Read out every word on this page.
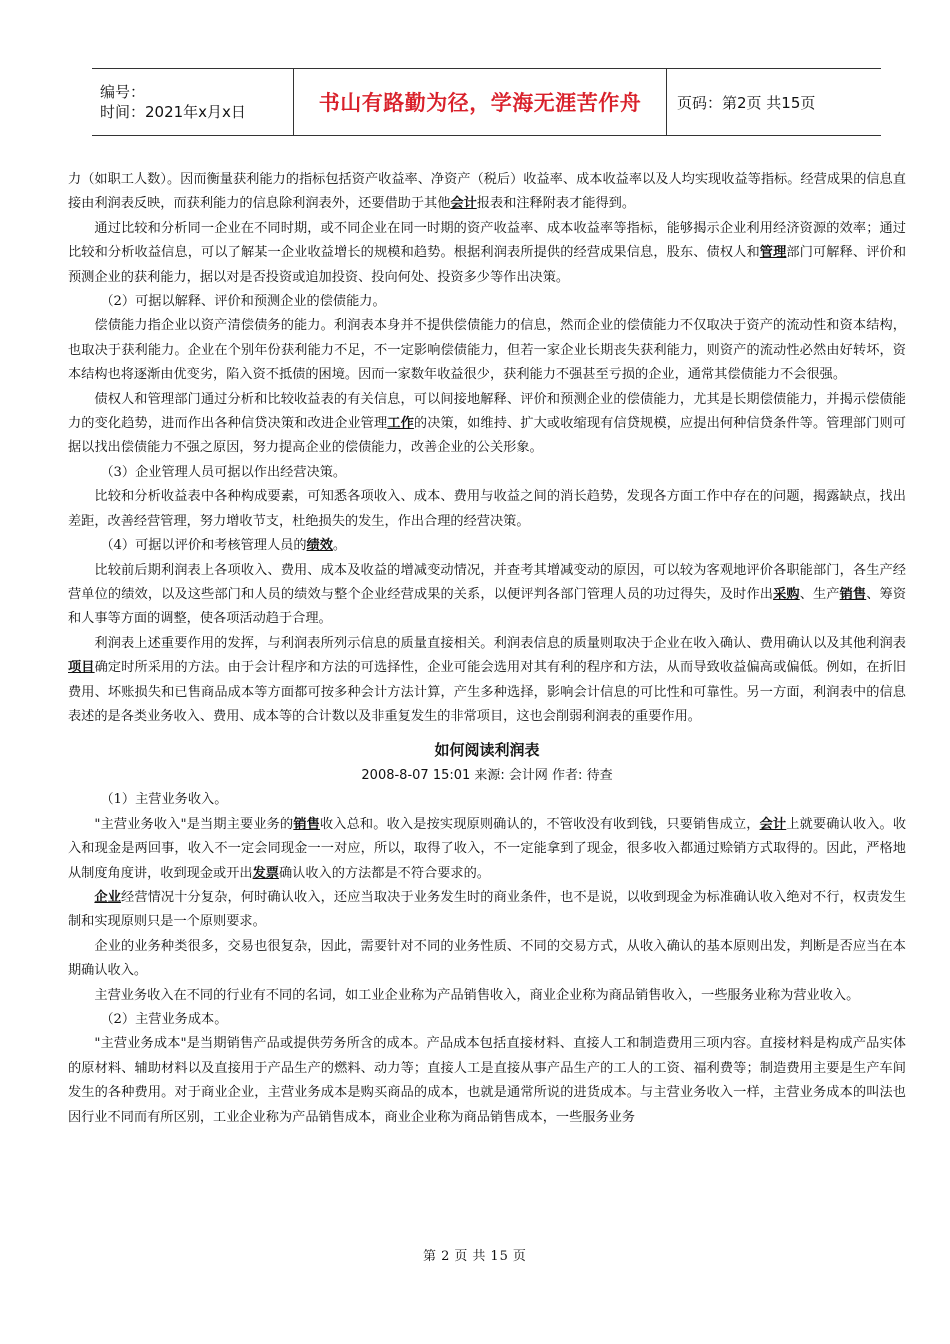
编号：
时间：2021年x月x日	书山有路勤为径，学海无涯苦作舟 页码：第2页 共15页

力（如职工人数）。因而衡量获利能力的指标包括资产收益率、净资产（税后）收益率、成本收益率以及人均实现收益等指标。经营成果的信息直接由利润表反映，而获利能力的信息除利润表外，还要借助于其他会计报表和注释附表才能得到。

通过比较和分析同一企业在不同时期，或不同企业在同一时期的资产收益率、成本收益率等指标，能够揭示企业利用经济资源的效率；通过比较和分析收益信息，可以了解某一企业收益增长的规模和趋势。根据利润表所提供的经营成果信息，股东、债权人和管理部门可解释、评价和预测企业的获利能力，据以对是否投资或追加投资、投向何处、投资多少等作出决策。

（2）可据以解释、评价和预测企业的偿债能力。

偿债能力指企业以资产清偿债务的能力。利润表本身并不提供偿债能力的信息，然而企业的偿债能力不仅取决于资产的流动性和资本结构，也取决于获利能力。企业在个别年份获利能力不足，不一定影响偿债能力，但若一家企业长期丧失获利能力，则资产的流动性必然由好转坏，资本结构也将逐渐由优变劣，陷入资不抵债的困境。因而一家数年收益很少，获利能力不强甚至亏损的企业，通常其偿债能力不会很强。

债权人和管理部门通过分析和比较收益表的有关信息，可以间接地解释、评价和预测企业的偿债能力，尤其是长期偿债能力，并揭示偿债能力的变化趋势，进而作出各种信贷决策和改进企业管理工作的决策，如维持、扩大或收缩现有信贷规模，应提出何种信贷条件等。管理部门则可据以找出偿债能力不强之原因，努力提高企业的偿债能力，改善企业的公关形象。

（3）企业管理人员可据以作出经营决策。

比较和分析收益表中各种构成要素，可知悉各项收入、成本、费用与收益之间的消长趋势，发现各方面工作中存在的问题，揭露缺点，找出差距，改善经营管理，努力增收节支，杜绝损失的发生，作出合理的经营决策。

（4）可据以评价和考核管理人员的绩效。

比较前后期利润表上各项收入、费用、成本及收益的增减变动情况，并查考其增减变动的原因，可以较为客观地评价各职能部门，各生产经营单位的绩效，以及这些部门和人员的绩效与整个企业经营成果的关系，以便评判各部门管理人员的功过得失，及时作出采购、生产销售、筹资和人事等方面的调整，使各项活动趋于合理。

利润表上述重要作用的发挥，与利润表所列示信息的质量直接相关。利润表信息的质量则取决于企业在收入确认、费用确认以及其他利润表项目确定时所采用的方法。由于会计程序和方法的可选择性，企业可能会选用对其有利的程序和方法，从而导致收益偏高或偏低。例如，在折旧费用、坏账损失和已售商品成本等方面都可按多种会计方法计算，产生多种选择，影响会计信息的可比性和可靠性。另一方面，利润表中的信息表述的是各类业务收入、费用、成本等的合计数以及非重复发生的非常项目，这也会削弱利润表的重要作用。

如何阅读利润表
2008-8-07 15:01 来源: 会计网 作者: 待查

（1）主营业务收入。

"主营业务收入"是当期主要业务的销售收入总和。收入是按实现原则确认的，不管收没有收到钱，只要销售成立，会计上就要确认收入。收入和现金是两回事，收入不一定会同现金一一对应，所以，取得了收入，不一定能拿到了现金，很多收入都通过赊销方式取得的。因此，严格地从制度角度讲，收到现金或开出发票确认收入的方法都是不符合要求的。

企业经营情况十分复杂，何时确认收入，还应当取决于业务发生时的商业条件，也不是说，以收到现金为标准确认收入绝对不行，权责发生制和实现原则只是一个原则要求。

企业的业务种类很多，交易也很复杂，因此，需要针对不同的业务性质、不同的交易方式，从收入确认的基本原则出发，判断是否应当在本期确认收入。

主营业务收入在不同的行业有不同的名词，如工业企业称为产品销售收入，商业企业称为商品销售收入，一些服务业称为营业收入。

（2）主营业务成本。

"主营业务成本"是当期销售产品或提供劳务所含的成本。产品成本包括直接材料、直接人工和制造费用三项内容。直接材料是构成产品实体的原材料、辅助材料以及直接用于产品生产的燃料、动力等；直接人工是直接从事产品生产的工人的工资、福利费等；制造费用主要是生产车间发生的各种费用。对于商业企业，主营业务成本是购买商品的成本，也就是通常所说的进货成本。与主营业务收入一样，主营业务成本的叫法也因行业不同而有所区别，工业企业称为产品销售成本，商业企业称为商品销售成本，一些服务业务

第 2 页 共 15 页
